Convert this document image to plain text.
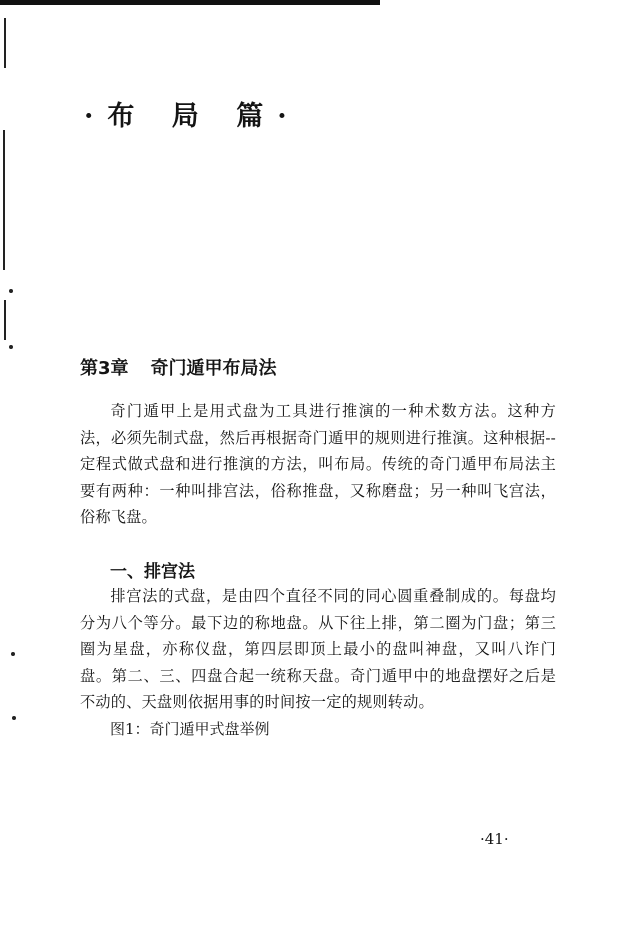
·布 局 篇·
第3章 奇门遁甲布局法

奇门遁甲上是用式盘为工具进行推演的一种术数方法。这种方法，必须先制式盘，然后再根据奇门遁甲的规则进行推演。这种根据--定程式做式盘和进行推演的方法，叫布局。传统的奇门遁甲布局法主要有两种：一种叫排宫法，俗称推盘，又称磨盘；另一种叫飞宫法，俗称飞盘。

一、排宫法

排宫法的式盘，是由四个直径不同的同心圆重叠制成的。每盘均分为八个等分。最下边的称地盘。从下往上排，第二圈为门盘；第三圈为星盘，亦称仪盘，第四层即顶上最小的盘叫神盘，又叫八诈门盘。第二、三、四盘合起一统称天盘。奇门遁甲中的地盘摆好之后是不动的、天盘则依据用事的时间按一定的规则转动。

图1：奇门遁甲式盘举例
·41·
